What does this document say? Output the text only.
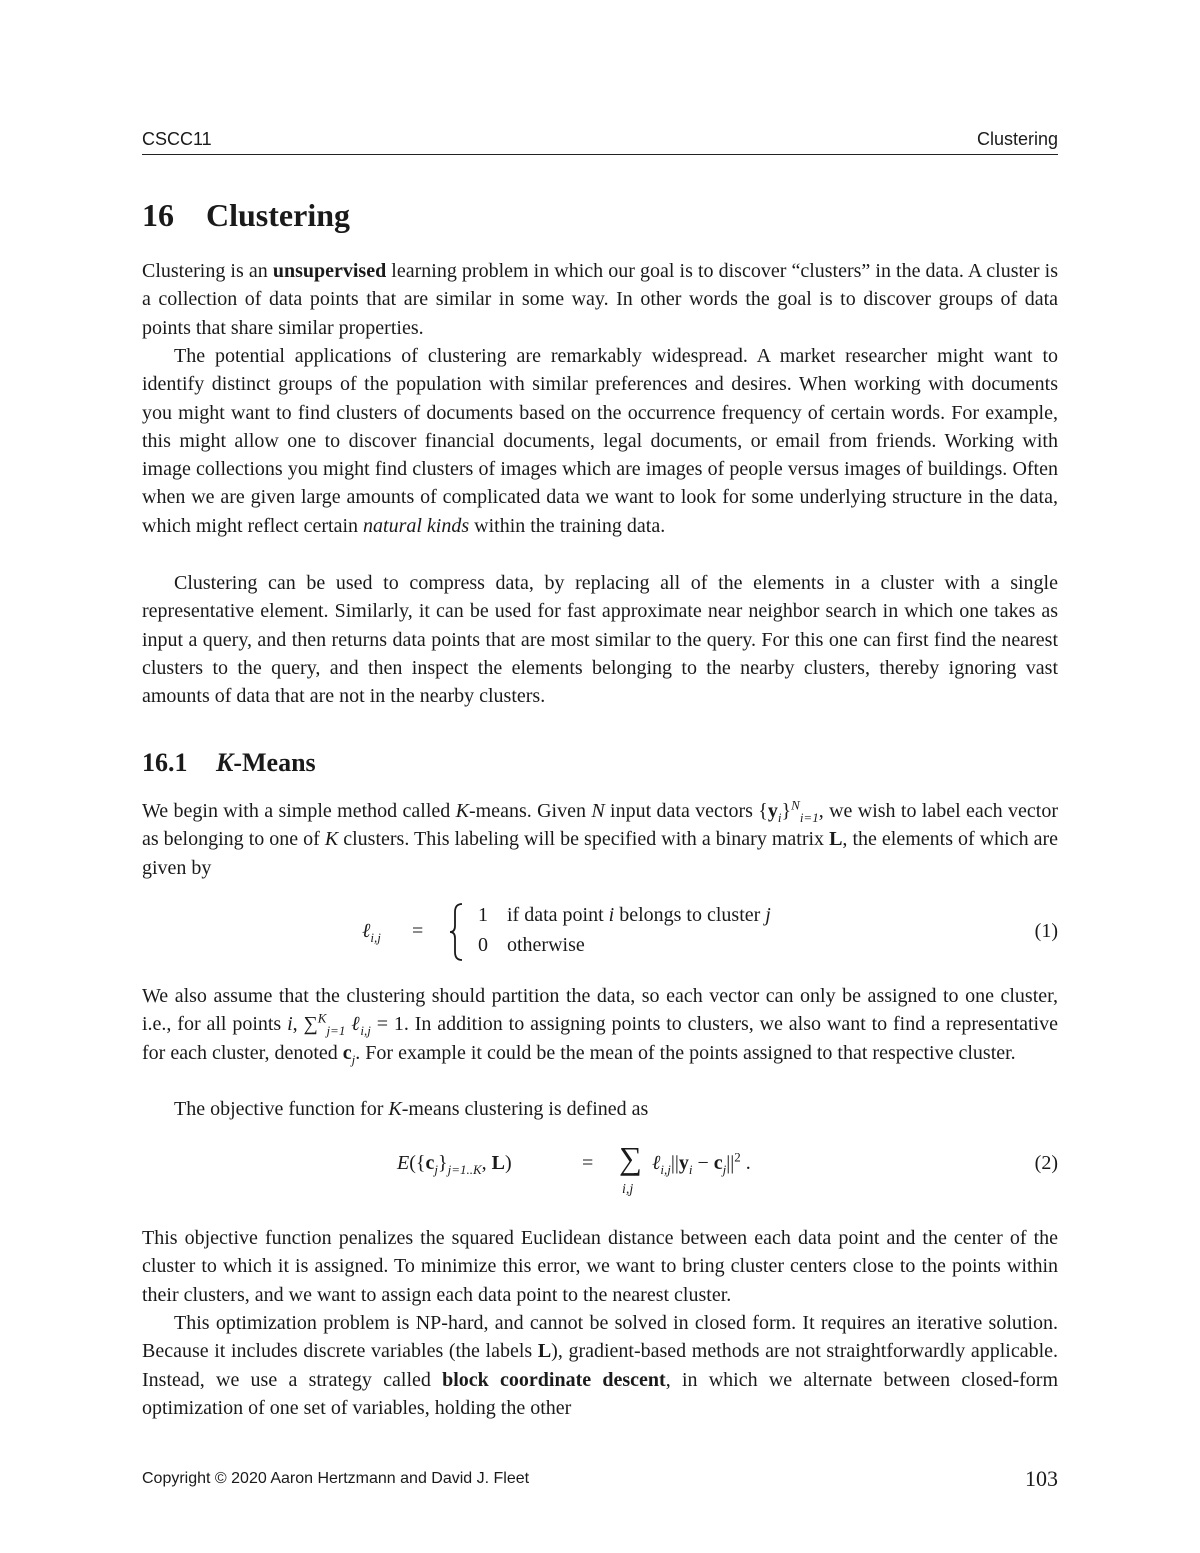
CSCC11	Clustering
16 Clustering

Clustering is an unsupervised learning problem in which our goal is to discover “clusters” in the data. A cluster is a collection of data points that are similar in some way. In other words the goal is to discover groups of data points that share similar properties.

The potential applications of clustering are remarkably widespread. A market researcher might want to identify distinct groups of the population with similar preferences and desires. When working with documents you might want to find clusters of documents based on the occurrence frequency of certain words. For example, this might allow one to discover financial documents, legal documents, or email from friends. Working with image collections you might find clusters of images which are images of people versus images of buildings. Often when we are given large amounts of complicated data we want to look for some underlying structure in the data, which might reflect certain natural kinds within the training data.

Clustering can be used to compress data, by replacing all of the elements in a cluster with a single representative element. Similarly, it can be used for fast approximate near neighbor search in which one takes as input a query, and then returns data points that are most similar to the query. For this one can first find the nearest clusters to the query, and then inspect the elements belonging to the nearby clusters, thereby ignoring vast amounts of data that are not in the nearby clusters.

16.1 K-Means

We begin with a simple method called K-means. Given N input data vectors $\{y_i\}^N_{i=1}$, we wish to label each vector as belonging to one of K clusters. This labeling will be specified with a binary matrix L, the elements of which are given by

ℓ$_{i,j}$ =
1 if data point i belongs to cluster j
0 otherwise
(1)

We also assume that the clustering should partition the data, so each vector can only be assigned to one cluster, i.e., for all points i, ∑$^K_{j=1}$ ℓ$_{i,j}$ = 1. In addition to assigning points to clusters, we also want to find a representative for each cluster, denoted $c_j$. For example it could be the mean of the points assigned to that respective cluster.

The objective function for K-means clustering is defined as

$E(\{c_j\}_{j=1..K}$, L)	= ∑
i,j
$\ell_{i,j}||y_i - c_j||^2$ .	(2)

This objective function penalizes the squared Euclidean distance between each data point and the center of the cluster to which it is assigned. To minimize this error, we want to bring cluster centers close to the points within their clusters, and we want to assign each data point to the nearest cluster.

This optimization problem is NP-hard, and cannot be solved in closed form. It requires an iterative solution. Because it includes discrete variables (the labels L), gradient-based methods are not straightforwardly applicable. Instead, we use a strategy called block coordinate descent, in which we alternate between closed-form optimization of one set of variables, holding the other

Copyright © 2020 Aaron Hertzmann and David J. Fleet	103
